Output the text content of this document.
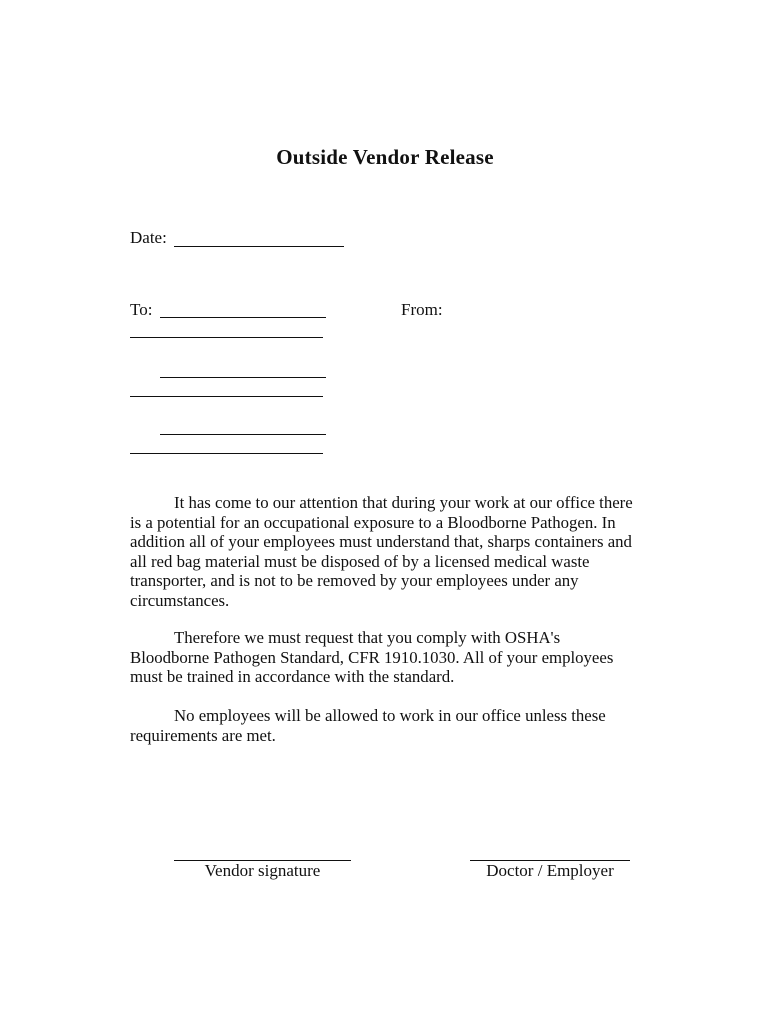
Outside Vendor Release
Date:
To:	From:

It has come to our attention that during your work at our office there is a potential for an occupational exposure to a Bloodborne Pathogen. In addition all of your employees must understand that, sharps containers and all red bag material must be disposed of by a licensed medical waste transporter, and is not to be removed by your employees under any circumstances.

Therefore we must request that you comply with OSHA's Bloodborne Pathogen Standard, CFR 1910.1030. All of your employees must be trained in accordance with the standard.

No employees will be allowed to work in our office unless these requirements are met.

Vendor signature	Doctor / Employer
